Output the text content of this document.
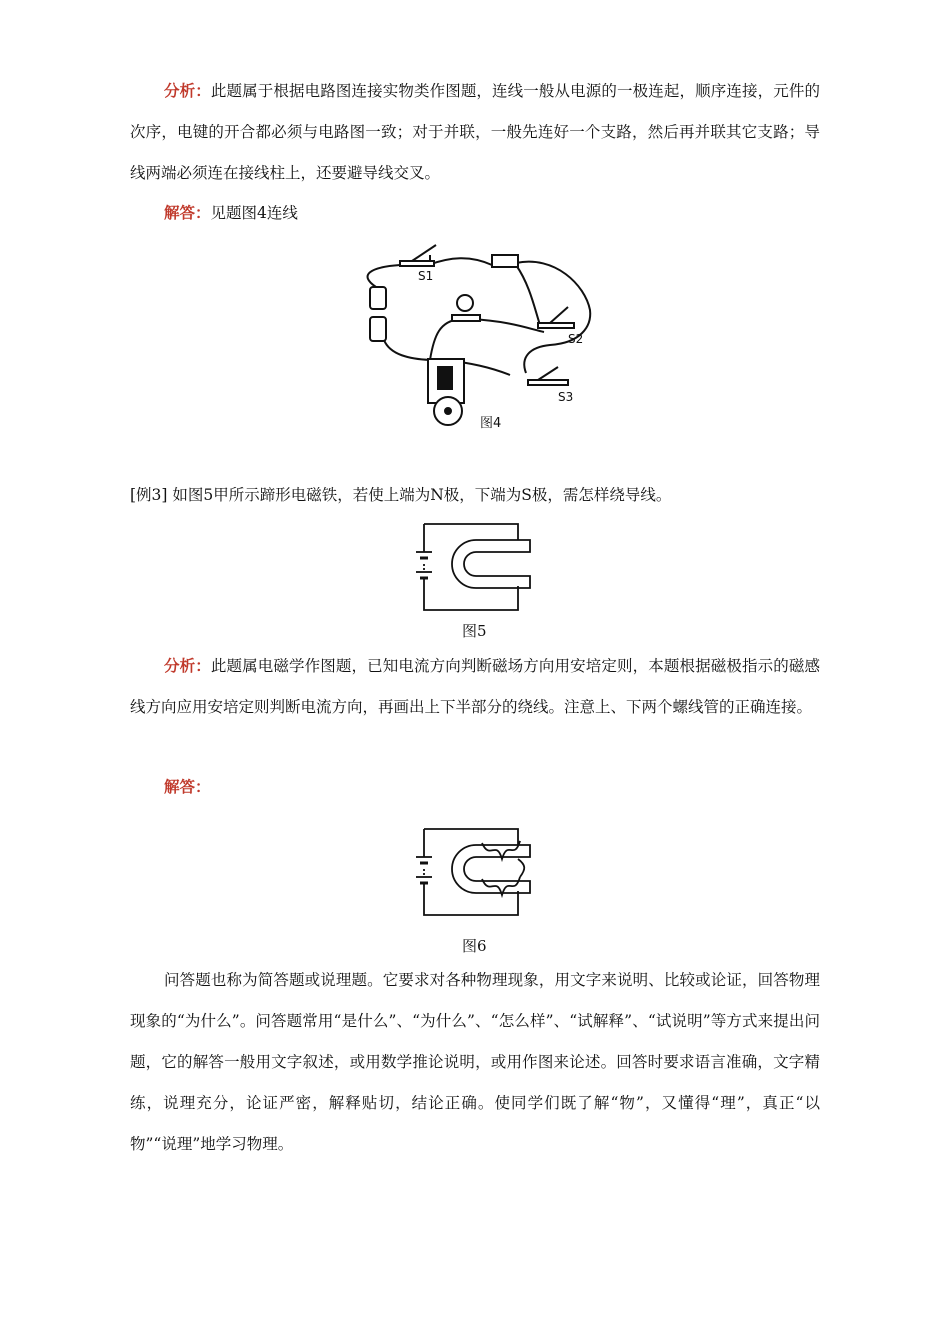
分析：此题属于根据电路图连接实物类作图题，连线一般从电源的一极连起，顺序连接，元件的次序，电键的开合都必须与电路图一致；对于并联，一般先连好一个支路，然后再并联其它支路；导线两端必须连在接线柱上，还要避导线交叉。

解答：见题图4连线

S1
S2
S3
图4

[例3] 如图5甲所示蹄形电磁铁，若使上端为N极，下端为S极，需怎样绕导线。

图5

分析：此题属电磁学作图题，已知电流方向判断磁场方向用安培定则，本题根据磁极指示的磁感线方向应用安培定则判断电流方向，再画出上下半部分的绕线。注意上、下两个螺线管的正确连接。

解答：

图6

问答题也称为简答题或说理题。它要求对各种物理现象，用文字来说明、比较或论证，回答物理现象的“为什么”。问答题常用“是什么”、“为什么”、“怎么样”、“试解释”、“试说明”等方式来提出问题，它的解答一般用文字叙述，或用数学推论说明，或用作图来论述。回答时要求语言准确，文字精练，说理充分，论证严密，解释贴切，结论正确。使同学们既了解“物”，又懂得“理”，真正“以物”“说理”地学习物理。
